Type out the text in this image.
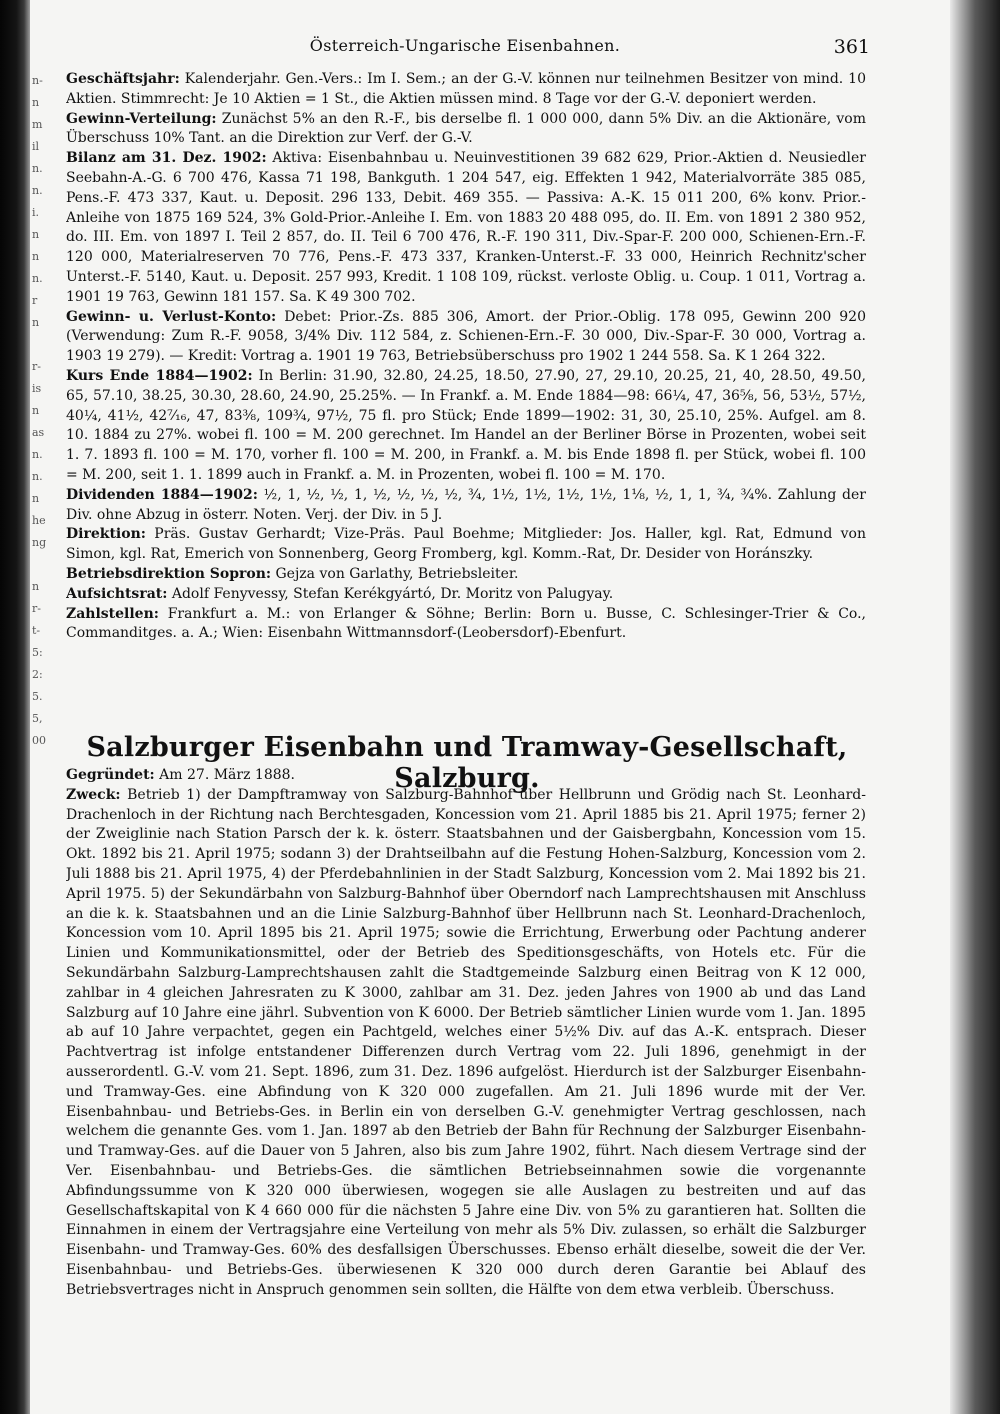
n-
n
m
il
n.
n.
i.
n
n
n.
r
n

r-
is
n
as
n.
n.
n
he
ng

n
r-
t-
5:
2:
5.
5,
00
Österreich-Ungarische Eisenbahnen.	361

Geschäftsjahr: Kalenderjahr. Gen.-Vers.: Im I. Sem.; an der G.-V. können nur teilnehmen Besitzer von mind. 10 Aktien. Stimmrecht: Je 10 Aktien = 1 St., die Aktien müssen mind. 8 Tage vor der G.-V. deponiert werden.

Gewinn-Verteilung: Zunächst 5% an den R.-F., bis derselbe fl. 1 000 000, dann 5% Div. an die Aktionäre, vom Überschuss 10% Tant. an die Direktion zur Verf. der G.-V.

Bilanz am 31. Dez. 1902: Aktiva: Eisenbahnbau u. Neuinvestitionen 39 682 629, Prior.-Aktien d. Neusiedler Seebahn-A.-G. 6 700 476, Kassa 71 198, Bankguth. 1 204 547, eig. Effekten 1 942, Materialvorräte 385 085, Pens.-F. 473 337, Kaut. u. Deposit. 296 133, Debit. 469 355. — Passiva: A.-K. 15 011 200, 6% konv. Prior.-Anleihe von 1875 169 524, 3% Gold-Prior.-Anleihe I. Em. von 1883 20 488 095, do. II. Em. von 1891 2 380 952, do. III. Em. von 1897 I. Teil 2 857, do. II. Teil 6 700 476, R.-F. 190 311, Div.-Spar-F. 200 000, Schienen-Ern.-F. 120 000, Materialreserven 70 776, Pens.-F. 473 337, Kranken-Unterst.-F. 33 000, Heinrich Rechnitz'scher Unterst.-F. 5140, Kaut. u. Deposit. 257 993, Kredit. 1 108 109, rückst. verloste Oblig. u. Coup. 1 011, Vortrag a. 1901 19 763, Gewinn 181 157. Sa. K 49 300 702.

Gewinn- u. Verlust-Konto: Debet: Prior.-Zs. 885 306, Amort. der Prior.-Oblig. 178 095, Gewinn 200 920 (Verwendung: Zum R.-F. 9058, 3/4% Div. 112 584, z. Schienen-Ern.-F. 30 000, Div.-Spar-F. 30 000, Vortrag a. 1903 19 279). — Kredit: Vortrag a. 1901 19 763, Betriebsüberschuss pro 1902 1 244 558. Sa. K 1 264 322.

Kurs Ende 1884—1902: In Berlin: 31.90, 32.80, 24.25, 18.50, 27.90, 27, 29.10, 20.25, 21, 40, 28.50, 49.50, 65, 57.10, 38.25, 30.30, 28.60, 24.90, 25.25%. — In Frankf. a. M. Ende 1884—98: 66¼, 47, 36⅝, 56, 53½, 57½, 40¼, 41½, 42⁷⁄₁₆, 47, 83⅜, 109¾, 97½, 75 fl. pro Stück; Ende 1899—1902: 31, 30, 25.10, 25%. Aufgel. am 8. 10. 1884 zu 27%. wobei fl. 100 = M. 200 gerechnet. Im Handel an der Berliner Börse in Prozenten, wobei seit 1. 7. 1893 fl. 100 = M. 170, vorher fl. 100 = M. 200, in Frankf. a. M. bis Ende 1898 fl. per Stück, wobei fl. 100 = M. 200, seit 1. 1. 1899 auch in Frankf. a. M. in Prozenten, wobei fl. 100 = M. 170.

Dividenden 1884—1902: ½, 1, ½, ½, 1, ½, ½, ½, ½, ¾, 1½, 1½, 1½, 1½, 1⅛, ½, 1, 1, ¾, ¾%. Zahlung der Div. ohne Abzug in österr. Noten. Verj. der Div. in 5 J.

Direktion: Präs. Gustav Gerhardt; Vize-Präs. Paul Boehme; Mitglieder: Jos. Haller, kgl. Rat, Edmund von Simon, kgl. Rat, Emerich von Sonnenberg, Georg Fromberg, kgl. Komm.-Rat, Dr. Desider von Horánszky.

Betriebsdirektion Sopron: Gejza von Garlathy, Betriebsleiter.

Aufsichtsrat: Adolf Fenyvessy, Stefan Kerékgyártó, Dr. Moritz von Palugyay.

Zahlstellen: Frankfurt a. M.: von Erlanger & Söhne; Berlin: Born u. Busse, C. Schlesinger-Trier & Co., Commanditges. a. A.; Wien: Eisenbahn Wittmannsdorf-(Leobersdorf)-Ebenfurt.

Salzburger Eisenbahn und Tramway-Gesellschaft, Salzburg.

Gegründet: Am 27. März 1888.

Zweck: Betrieb 1) der Dampftramway von Salzburg-Bahnhof über Hellbrunn und Grödig nach St. Leonhard-Drachenloch in der Richtung nach Berchtesgaden, Koncession vom 21. April 1885 bis 21. April 1975; ferner 2) der Zweiglinie nach Station Parsch der k. k. österr. Staatsbahnen und der Gaisbergbahn, Koncession vom 15. Okt. 1892 bis 21. April 1975; sodann 3) der Drahtseilbahn auf die Festung Hohen-Salzburg, Koncession vom 2. Juli 1888 bis 21. April 1975, 4) der Pferdebahnlinien in der Stadt Salzburg, Koncession vom 2. Mai 1892 bis 21. April 1975. 5) der Sekundärbahn von Salzburg-Bahnhof über Oberndorf nach Lamprechtshausen mit Anschluss an die k. k. Staatsbahnen und an die Linie Salzburg-Bahnhof über Hellbrunn nach St. Leonhard-Drachenloch, Koncession vom 10. April 1895 bis 21. April 1975; sowie die Errichtung, Erwerbung oder Pachtung anderer Linien und Kommunikationsmittel, oder der Betrieb des Speditionsgeschäfts, von Hotels etc. Für die Sekundärbahn Salzburg-Lamprechtshausen zahlt die Stadtgemeinde Salzburg einen Beitrag von K 12 000, zahlbar in 4 gleichen Jahresraten zu K 3000, zahlbar am 31. Dez. jeden Jahres von 1900 ab und das Land Salzburg auf 10 Jahre eine jährl. Subvention von K 6000. Der Betrieb sämtlicher Linien wurde vom 1. Jan. 1895 ab auf 10 Jahre verpachtet, gegen ein Pachtgeld, welches einer 5½% Div. auf das A.-K. entsprach. Dieser Pachtvertrag ist infolge entstandener Differenzen durch Vertrag vom 22. Juli 1896, genehmigt in der ausserordentl. G.-V. vom 21. Sept. 1896, zum 31. Dez. 1896 aufgelöst. Hierdurch ist der Salzburger Eisenbahn- und Tramway-Ges. eine Abfindung von K 320 000 zugefallen. Am 21. Juli 1896 wurde mit der Ver. Eisenbahnbau- und Betriebs-Ges. in Berlin ein von derselben G.-V. genehmigter Vertrag geschlossen, nach welchem die genannte Ges. vom 1. Jan. 1897 ab den Betrieb der Bahn für Rechnung der Salzburger Eisenbahn- und Tramway-Ges. auf die Dauer von 5 Jahren, also bis zum Jahre 1902, führt. Nach diesem Vertrage sind der Ver. Eisenbahnbau- und Betriebs-Ges. die sämtlichen Betriebseinnahmen sowie die vorgenannte Abfindungssumme von K 320 000 überwiesen, wogegen sie alle Auslagen zu bestreiten und auf das Gesellschaftskapital von K 4 660 000 für die nächsten 5 Jahre eine Div. von 5% zu garantieren hat. Sollten die Einnahmen in einem der Vertragsjahre eine Verteilung von mehr als 5% Div. zulassen, so erhält die Salzburger Eisenbahn- und Tramway-Ges. 60% des desfallsigen Überschusses. Ebenso erhält dieselbe, soweit die der Ver. Eisenbahnbau- und Betriebs-Ges. überwiesenen K 320 000 durch deren Garantie bei Ablauf des Betriebsvertrages nicht in Anspruch genommen sein sollten, die Hälfte von dem etwa verbleib. Überschuss.
